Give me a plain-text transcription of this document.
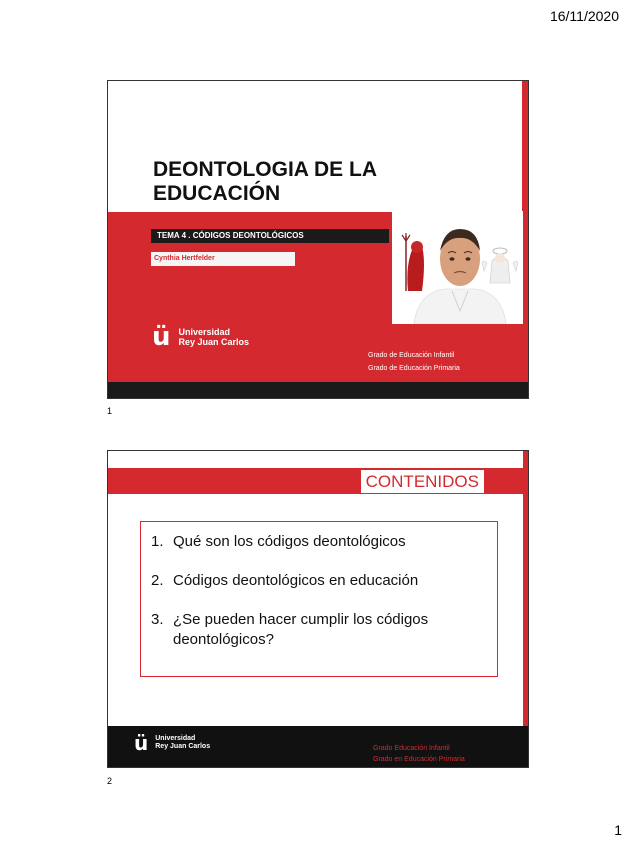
16/11/2020
DEONTOLOGIA DE LA EDUCACIÓN
TEMA 4 . CÓDIGOS DEONTOLÓGICOS
Cynthia Hertfelder
ü Universidad
Rey Juan Carlos
Grado de Educación Infantil
Grado de Educación Primaria
1
CONTENIDOS
1. Qué son los códigos deontológicos
2. Códigos deontológicos en educación
3. ¿Se pueden hacer cumplir los códigos deontológicos?
ü Universidad
Rey Juan Carlos	Grado Educación Infantil
Grado en Educación Primaria
2
1
